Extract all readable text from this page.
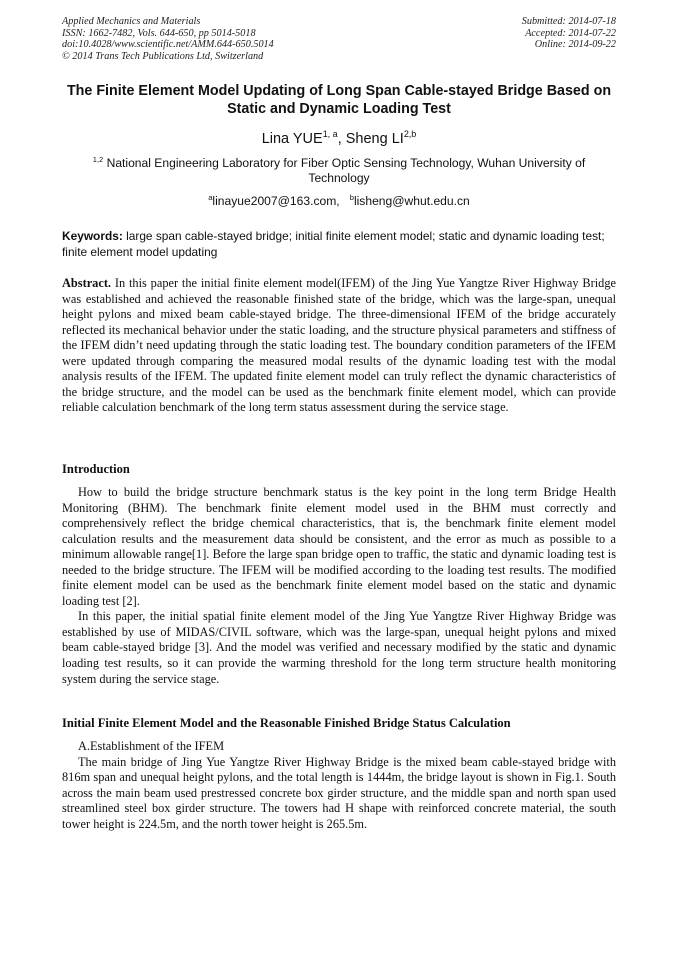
Applied Mechanics and Materials
ISSN: 1662-7482, Vols. 644-650, pp 5014-5018
doi:10.4028/www.scientific.net/AMM.644-650.5014
© 2014 Trans Tech Publications Ltd, Switzerland
Submitted: 2014-07-18
Accepted: 2014-07-22
Online: 2014-09-22
The Finite Element Model Updating of Long Span Cable-stayed Bridge Based on Static and Dynamic Loading Test
Lina YUE$^{1, a}$, Sheng LI$^{2,b}$
$^{1,2}$ National Engineering Laboratory for Fiber Optic Sensing Technology, Wuhan University of Technology
$^a$linayue2007@163.com, $^b$lisheng@whut.edu.cn
Keywords: large span cable-stayed bridge; initial finite element model; static and dynamic loading test; finite element model updating
Abstract. In this paper the initial finite element model(IFEM) of the Jing Yue Yangtze River Highway Bridge was established and achieved the reasonable finished state of the bridge, which was the large-span, unequal height pylons and mixed beam cable-stayed bridge. The three-dimensional IFEM of the bridge accurately reflected its mechanical behavior under the static loading, and the structure physical parameters and stiffness of the IFEM didn’t need updating through the static loading test. The boundary condition parameters of the IFEM were updated through comparing the measured modal results of the dynamic loading test with the modal analysis results of the IFEM. The updated finite element model can truly reflect the dynamic characteristics of the bridge structure, and the model can be used as the benchmark finite element model, which can provide reliable calculation benchmark of the long term status assessment during the service stage.
Introduction

How to build the bridge structure benchmark status is the key point in the long term Bridge Health Monitoring (BHM). The benchmark finite element model used in the BHM must correctly and comprehensively reflect the bridge chemical characteristics, that is, the benchmark finite element model calculation results and the measurement data should be consistent, and the error as much as possible to a minimum allowable range[1]. Before the large span bridge open to traffic, the static and dynamic loading test is needed to the bridge structure. The IFEM will be modified according to the loading test results. The modified finite element model can be used as the benchmark finite element model based on the static and dynamic loading test [2].

In this paper, the initial spatial finite element model of the Jing Yue Yangtze River Highway Bridge was established by use of MIDAS/CIVIL software, which was the large-span, unequal height pylons and mixed beam cable-stayed bridge [3]. And the model was verified and necessary modified by the static and dynamic loading test results, so it can provide the warming threshold for the long term structure health monitoring system during the service stage.

Initial Finite Element Model and the Reasonable Finished Bridge Status Calculation

A.Establishment of the IFEM

The main bridge of Jing Yue Yangtze River Highway Bridge is the mixed beam cable-stayed bridge with 816m span and unequal height pylons, and the total length is 1444m, the bridge layout is shown in Fig.1. South across the main beam used prestressed concrete box girder structure, and the middle span and north span used streamlined steel box girder structure. The towers had H shape with reinforced concrete material, the south tower height is 224.5m, and the north tower height is 265.5m.
